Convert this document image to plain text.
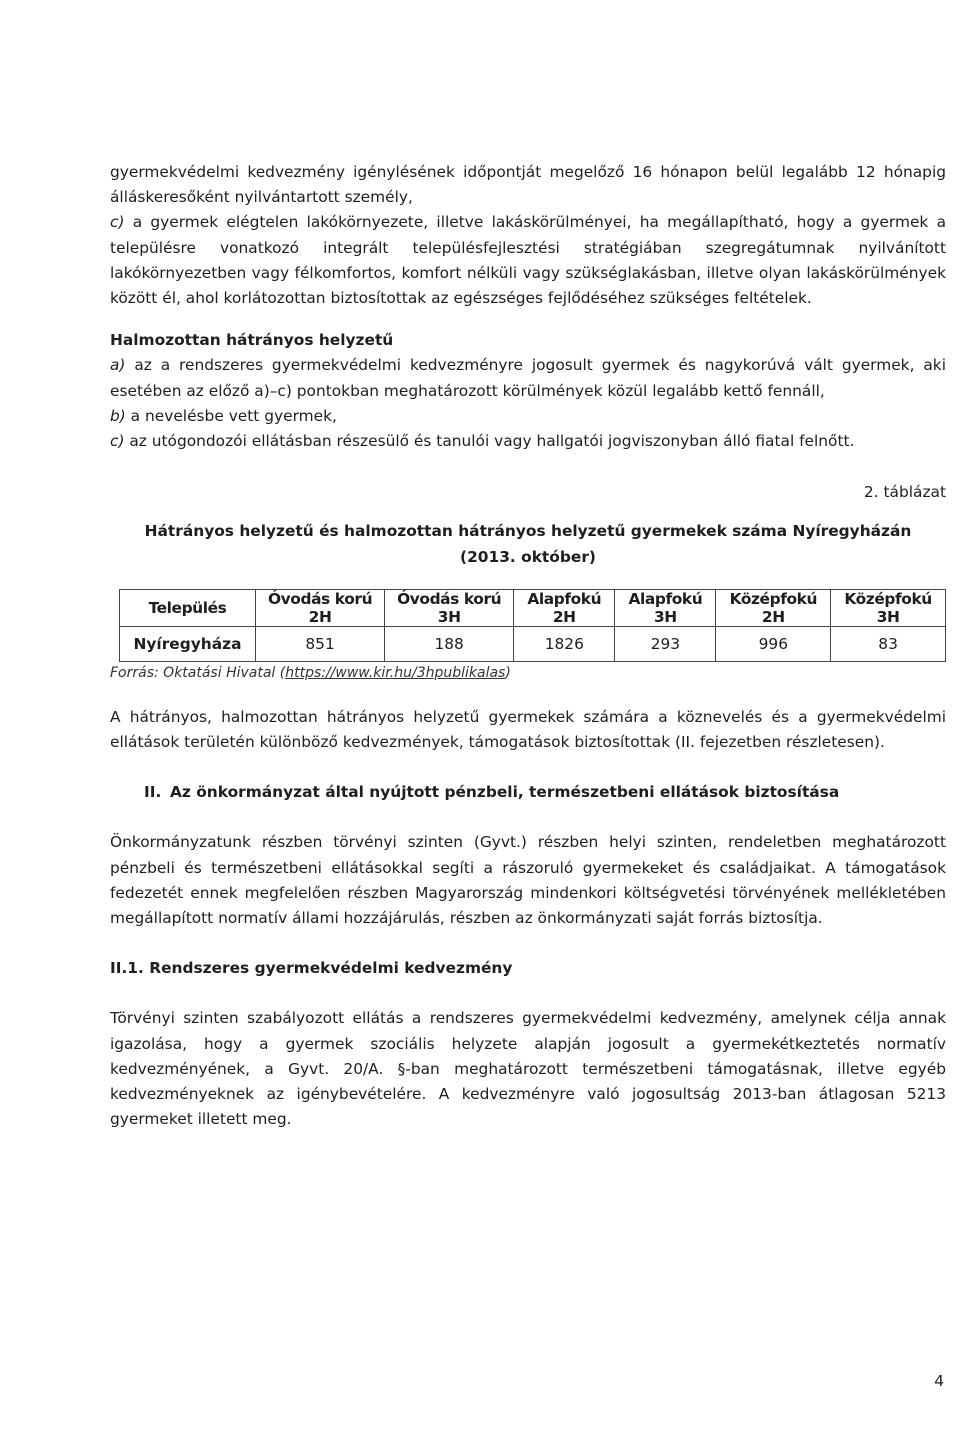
gyermekvédelmi kedvezmény igénylésének időpontját megelőző 16 hónapon belül legalább 12 hónapig álláskeresőként nyilvántartott személy,
c) a gyermek elégtelen lakókörnyezete, illetve lakáskörülményei, ha megállapítható, hogy a gyermek a településre vonatkozó integrált településfejlesztési stratégiában szegregátumnak nyilvánított lakókörnyezetben vagy félkomfortos, komfort nélküli vagy szükséglakásban, illetve olyan lakáskörülmények között él, ahol korlátozottan biztosítottak az egészséges fejlődéséhez szükséges feltételek.

Halmozottan hátrányos helyzetű

a) az a rendszeres gyermekvédelmi kedvezményre jogosult gyermek és nagykorúvá vált gyermek, aki esetében az előző a)–c) pontokban meghatározott körülmények közül legalább kettő fennáll,

b) a nevelésbe vett gyermek,

c) az utógondozói ellátásban részesülő és tanulói vagy hallgatói jogviszonyban álló fiatal felnőtt.

2. táblázat

Hátrányos helyzetű és halmozottan hátrányos helyzetű gyermekek száma Nyíregyházán
(2013. október)

Település	Óvodás korú 2H	Óvodás korú 3H	Alapfokú 2H	Alapfokú 3H	Középfokú 2H	Középfokú 3H
Nyíregyháza	851	188	1826	293	996	83

Forrás: Oktatási Hivatal (https://www.kir.hu/3hpublikalas)

A hátrányos, halmozottan hátrányos helyzetű gyermekek számára a köznevelés és a gyermekvédelmi ellátások területén különböző kedvezmények, támogatások biztosítottak (II. fejezetben részletesen).

II. Az önkormányzat által nyújtott pénzbeli, természetbeni ellátások biztosítása

Önkormányzatunk részben törvényi szinten (Gyvt.) részben helyi szinten, rendeletben meghatározott pénzbeli és természetbeni ellátásokkal segíti a rászoruló gyermekeket és családjaikat. A támogatások fedezetét ennek megfelelően részben Magyarország mindenkori költségvetési törvényének mellékletében megállapított normatív állami hozzájárulás, részben az önkormányzati saját forrás biztosítja.

II.1. Rendszeres gyermekvédelmi kedvezmény

Törvényi szinten szabályozott ellátás a rendszeres gyermekvédelmi kedvezmény, amelynek célja annak igazolása, hogy a gyermek szociális helyzete alapján jogosult a gyermekétkeztetés normatív kedvezményének, a Gyvt. 20/A. §-ban meghatározott természetbeni támogatásnak, illetve egyéb kedvezményeknek az igénybevételére. A kedvezményre való jogosultság 2013-ban átlagosan 5213 gyermeket illetett meg.

4
